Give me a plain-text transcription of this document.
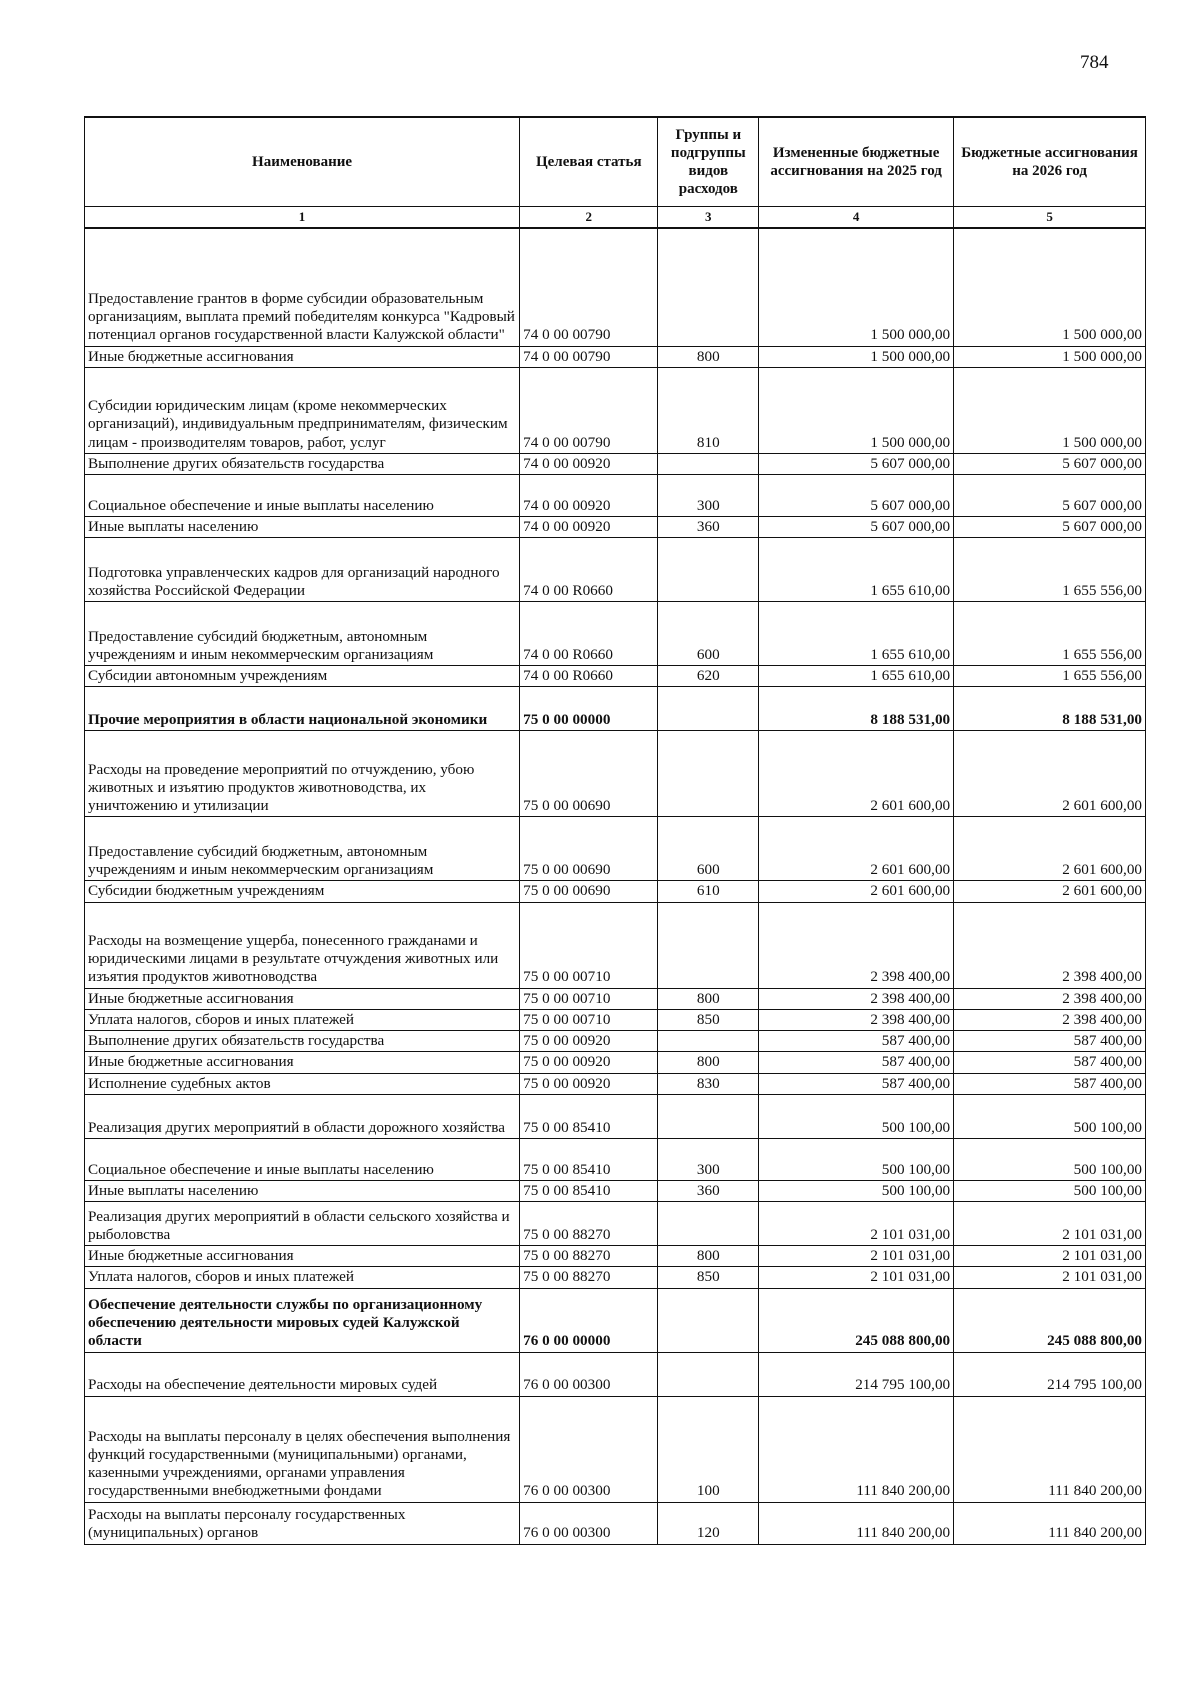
784
Наименование	Целевая статья	Группы и подгруппы видов расходов	Измененные бюджетные ассигнования на 2025 год	Бюджетные ассигнования на 2026 год
1	2	3	4	5
Предоставление грантов в форме субсидии образовательным организациям, выплата премий победителям конкурса "Кадровый потенциал органов государственной власти Калужской области"	74 0 00 00790		1 500 000,00	1 500 000,00
Иные бюджетные ассигнования	74 0 00 00790	800	1 500 000,00	1 500 000,00
Субсидии юридическим лицам (кроме некоммерческих организаций), индивидуальным предпринимателям, физическим лицам - производителям товаров, работ, услуг	74 0 00 00790	810	1 500 000,00	1 500 000,00
Выполнение других обязательств государства	74 0 00 00920		5 607 000,00	5 607 000,00
Социальное обеспечение и иные выплаты населению	74 0 00 00920	300	5 607 000,00	5 607 000,00
Иные выплаты населению	74 0 00 00920	360	5 607 000,00	5 607 000,00
Подготовка управленческих кадров для организаций народного хозяйства Российской Федерации	74 0 00 R0660		1 655 610,00	1 655 556,00
Предоставление субсидий бюджетным, автономным учреждениям и иным некоммерческим организациям	74 0 00 R0660	600	1 655 610,00	1 655 556,00
Субсидии автономным учреждениям	74 0 00 R0660	620	1 655 610,00	1 655 556,00
Прочие мероприятия в области национальной экономики	75 0 00 00000		8 188 531,00	8 188 531,00
Расходы на проведение мероприятий по отчуждению, убою животных и изъятию продуктов животноводства, их уничтожению и утилизации	75 0 00 00690		2 601 600,00	2 601 600,00
Предоставление субсидий бюджетным, автономным учреждениям и иным некоммерческим организациям	75 0 00 00690	600	2 601 600,00	2 601 600,00
Субсидии бюджетным учреждениям	75 0 00 00690	610	2 601 600,00	2 601 600,00
Расходы на возмещение ущерба, понесенного гражданами и юридическими лицами в результате отчуждения животных или изъятия продуктов животноводства	75 0 00 00710		2 398 400,00	2 398 400,00
Иные бюджетные ассигнования	75 0 00 00710	800	2 398 400,00	2 398 400,00
Уплата налогов, сборов и иных платежей	75 0 00 00710	850	2 398 400,00	2 398 400,00
Выполнение других обязательств государства	75 0 00 00920		587 400,00	587 400,00
Иные бюджетные ассигнования	75 0 00 00920	800	587 400,00	587 400,00
Исполнение судебных актов	75 0 00 00920	830	587 400,00	587 400,00
Реализация других мероприятий в области дорожного хозяйства	75 0 00 85410		500 100,00	500 100,00
Социальное обеспечение и иные выплаты населению	75 0 00 85410	300	500 100,00	500 100,00
Иные выплаты населению	75 0 00 85410	360	500 100,00	500 100,00
Реализация других мероприятий в области сельского хозяйства и рыболовства	75 0 00 88270		2 101 031,00	2 101 031,00
Иные бюджетные ассигнования	75 0 00 88270	800	2 101 031,00	2 101 031,00
Уплата налогов, сборов и иных платежей	75 0 00 88270	850	2 101 031,00	2 101 031,00
Обеспечение деятельности службы по организационному обеспечению деятельности мировых судей Калужской области	76 0 00 00000		245 088 800,00	245 088 800,00
Расходы на обеспечение деятельности мировых судей	76 0 00 00300		214 795 100,00	214 795 100,00
Расходы на выплаты персоналу в целях обеспечения выполнения функций государственными (муниципальными) органами, казенными учреждениями, органами управления государственными внебюджетными фондами	76 0 00 00300	100	111 840 200,00	111 840 200,00
Расходы на выплаты персоналу государственных (муниципальных) органов	76 0 00 00300	120	111 840 200,00	111 840 200,00
